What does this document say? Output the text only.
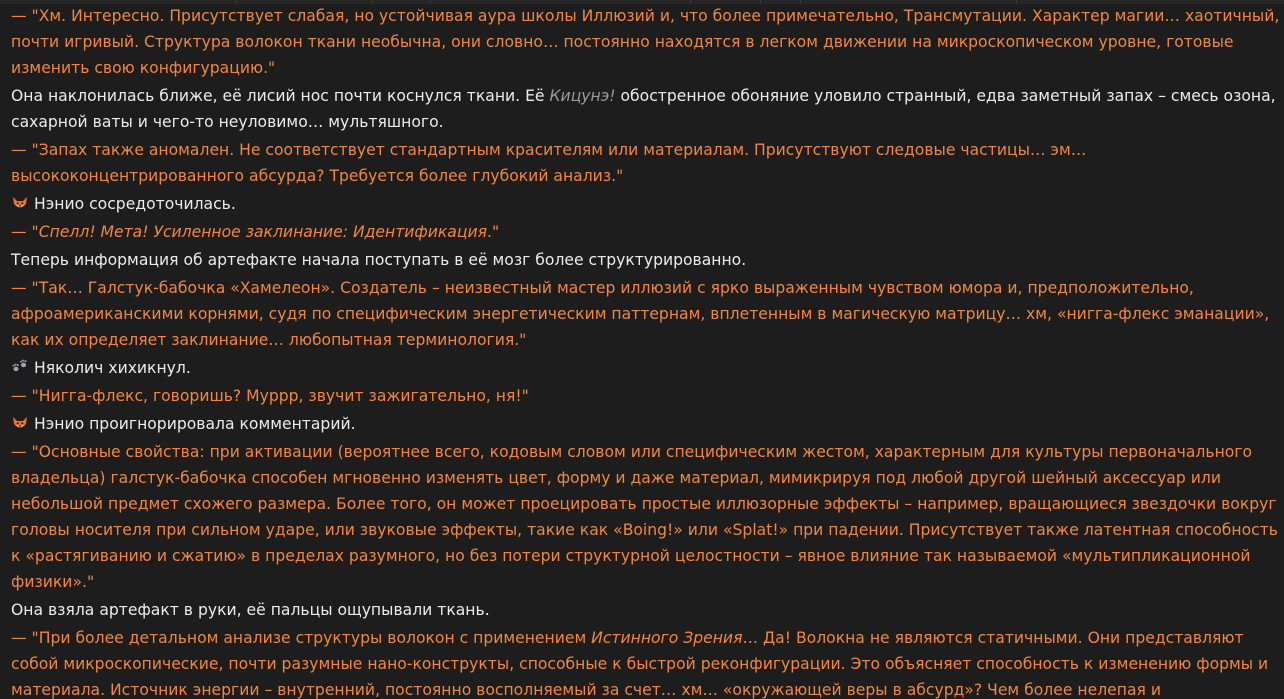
— "Хм. Интересно. Присутствует слабая, но устойчивая аура школы Иллюзий и, что более примечательно, Трансмутации. Характер магии… хаотичный, почти игривый. Структура волокон ткани необычна, они словно… постоянно находятся в легком движении на микроскопическом уровне, готовые изменить свою конфигурацию."

Она наклонилась ближе, её лисий нос почти коснулся ткани. Её Кицунэ! обостренное обоняние уловило странный, едва заметный запах – смесь озона, сахарной ваты и чего-то неуловимо… мультяшного.

— "Запах также аномален. Не соответствует стандартным красителям или материалам. Присутствуют следовые частицы… эм… высококонцентрированного абсурда? Требуется более глубокий анализ."

Нэнио сосредоточилась.

— "Спелл! Мета! Усиленное заклинание: Идентификация."

Теперь информация об артефакте начала поступать в её мозг более структурированно.

— "Так… Галстук-бабочка «Хамелеон». Создатель – неизвестный мастер иллюзий с ярко выраженным чувством юмора и, предположительно, афроамериканскими корнями, судя по специфическим энергетическим паттернам, вплетенным в магическую матрицу… хм, «нигга-флекс эманации», как их определяет заклинание… любопытная терминология."

Няколич хихикнул.

— "Нигга-флекс, говоришь? Муррр, звучит зажигательно, ня!"

Нэнио проигнорировала комментарий.

— "Основные свойства: при активации (вероятнее всего, кодовым словом или специфическим жестом, характерным для культуры первоначального владельца) галстук-бабочка способен мгновенно изменять цвет, форму и даже материал, мимикрируя под любой другой шейный аксессуар или небольшой предмет схожего размера. Более того, он может проецировать простые иллюзорные эффекты – например, вращающиеся звездочки вокруг головы носителя при сильном ударе, или звуковые эффекты, такие как «Boing!» или «Splat!» при падении. Присутствует также латентная способность к «растягиванию и сжатию» в пределах разумного, но без потери структурной целостности – явное влияние так называемой «мультипликационной физики»."

Она взяла артефакт в руки, её пальцы ощупывали ткань.

— "При более детальном анализе структуры волокон с применением Истинного Зрения… Да! Волокна не являются статичными. Они представляют собой микроскопические, почти разумные нано-конструкты, способные к быстрой реконфигурации. Это объясняет способность к изменению формы и материала. Источник энергии – внутренний, постоянно восполняемый за счет… хм… «окружающей веры в абсурд»? Чем более нелепая и
